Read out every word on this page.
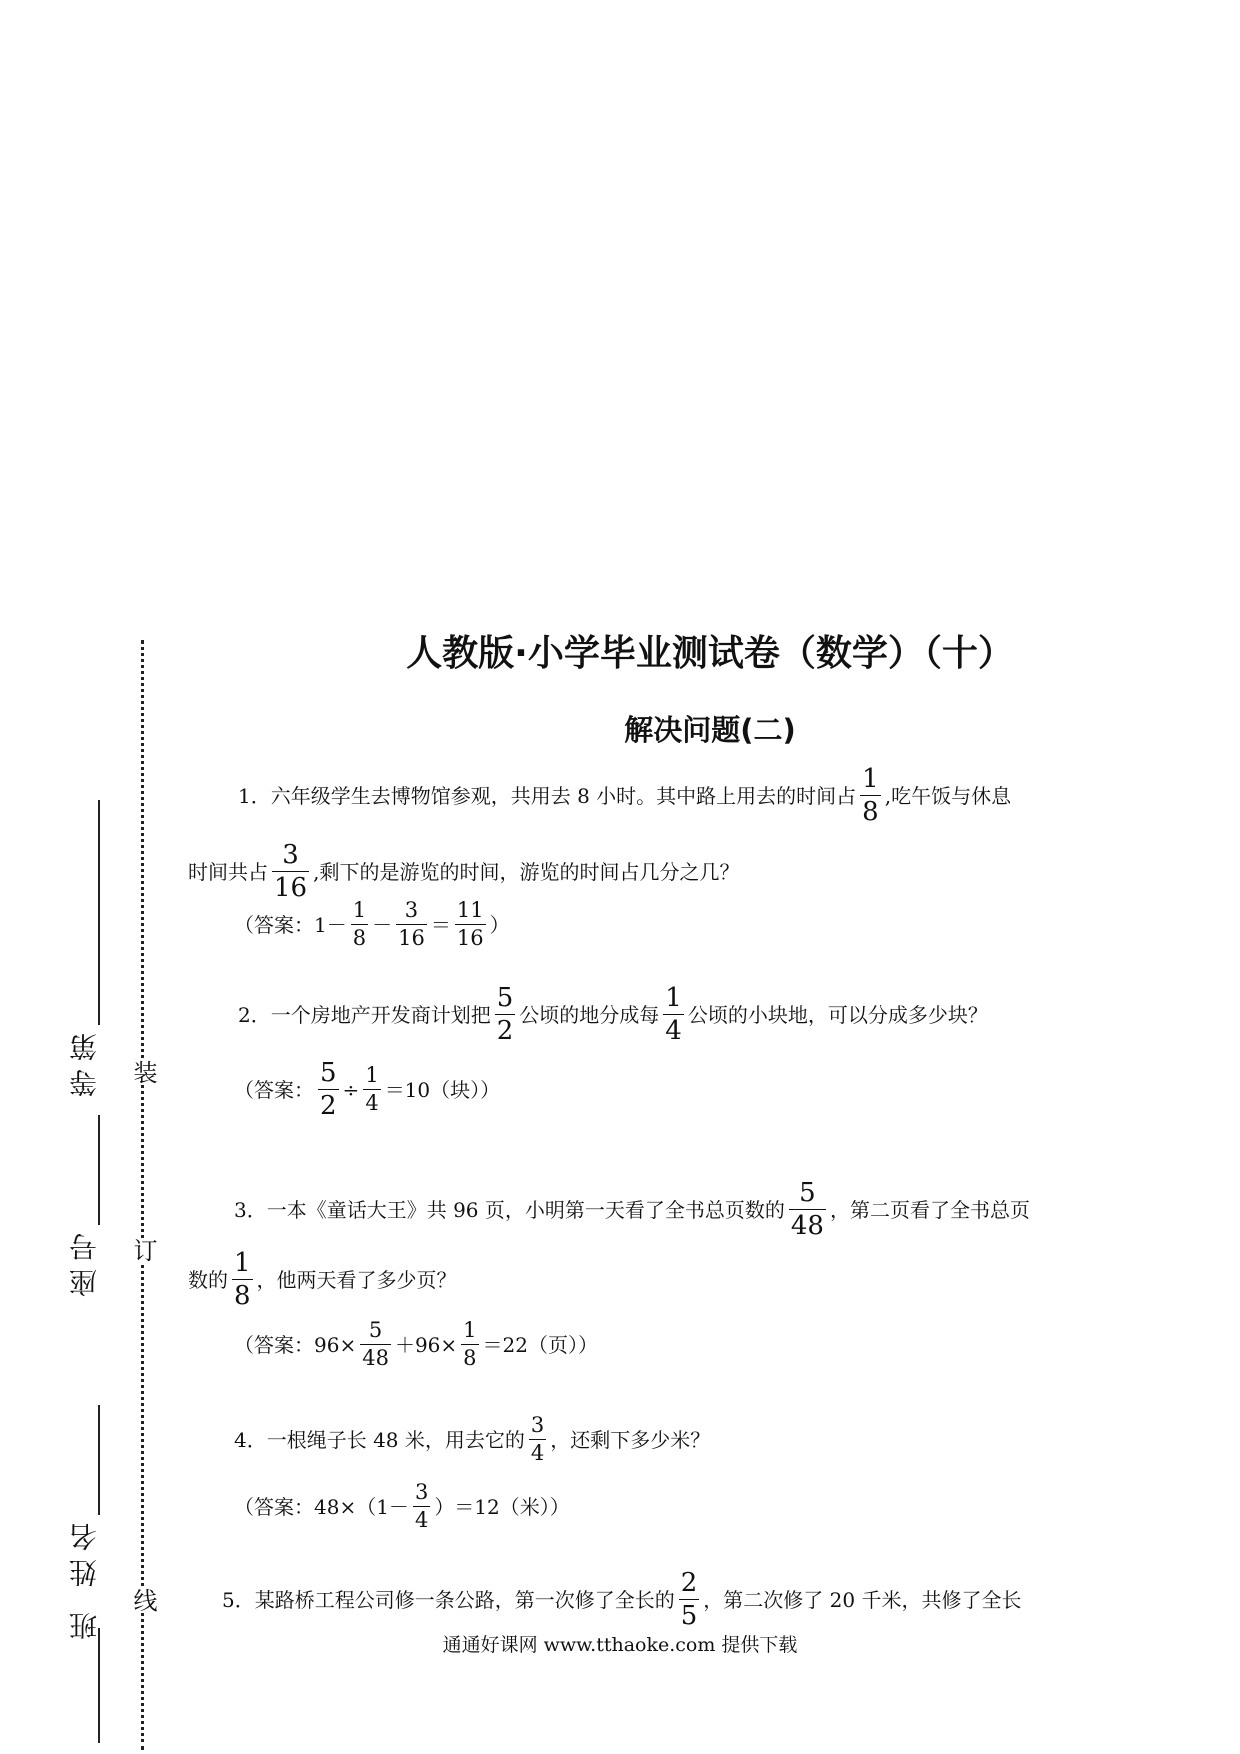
装
订
线
等第
座号
班 姓名
人教版·小学毕业测试卷（数学）（十）
解决问题(二)
1．六年级学生去博物馆参观，共用去 8 小时。其中路上用去的时间占 $\frac{1}{8}$ ,吃午饭与休息
时间共占 $\frac{3}{16}$ ,剩下的是游览的时间，游览的时间占几分之几？
（答案：$1- \frac{1}{8} - \frac{3}{16} = \frac{11}{16}$ ）
2．一个房地产开发商计划把 $\frac{5}{2}$ 公顷的地分成每 $\frac{1}{4}$ 公顷的小块地，可以分成多少块？
（答案： $\frac{5}{2} \div \frac{1}{4} =10$（块））
3．一本《童话大王》共 96 页，小明第一天看了全书总页数的 $\frac{5}{48}$ ，第二页看了全书总页
数的 $\frac{1}{8}$ ，他两天看了多少页？
（答案：$96\times \frac{5}{48} +96\times \frac{1}{8} =22$（页））
4．一根绳子长 48 米，用去它的 $\frac{3}{4}$ ，还剩下多少米？
（答案：$48\times(1- \frac{3}{4} )=12$（米））
5．某路桥工程公司修一条公路，第一次修了全长的 $\frac{2}{5}$ ，第二次修了 20 千米，共修了全长
通通好课网 www.tthaoke.com 提供下载
